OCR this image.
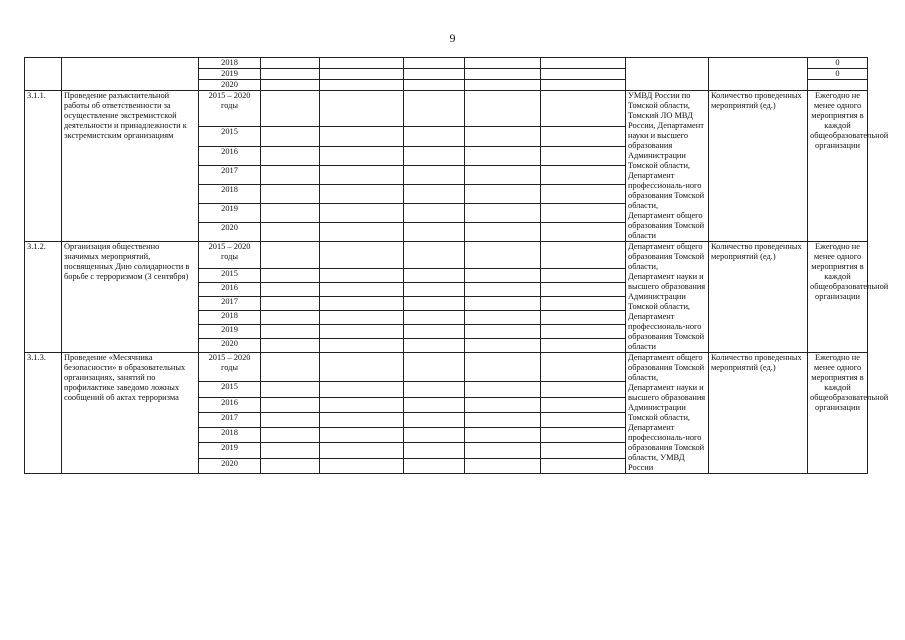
9
		2018								0
		2019								0
		2020								
3.1.1.	Проведение разъяснительной работы об ответственности за осуществление экстремистской деятельности и принадлежности к экстремистским организациям	2015 – 2020 годы						УМВД России по Томской области, Томский ЛО МВД России, Департамент науки и высшего образования Администрации Томской области, Департамент профессиональ-ного образования Томской области, Департамент общего образования Томской области	Количество проведенных мероприятий (ед.)	Ежегодно не менее одного мероприятия в каждой общеобразовательной организации
		2015								
		2016								
		2017								
		2018								
		2019								
		2020								
3.1.2.	Организация общественно значимых мероприятий, посвященных Дню солидарности в борьбе с терроризмом (3 сентября)	2015 – 2020 годы						Департамент общего образования Томской области, Департамент науки и высшего образования Администрации Томской области, Департамент профессиональ-ного образования Томской области	Количество проведенных мероприятий (ед.)	Ежегодно не менее одного мероприятия в каждой общеобразовательной организации
		2015								
		2016								
		2017								
		2018								
		2019								
		2020								
3.1.3.	Проведение «Месячника безопасности» в образовательных организациях, занятий по профилактике заведомо ложных сообщений об актах терроризма	2015 – 2020 годы						Департамент общего образования Томской области, Департамент науки и высшего образования Администрации Томской области, Департамент профессиональ-ного образования Томской области, УМВД России	Количество проведенных мероприятий (ед.)	Ежегодно не менее одного мероприятия в каждой общеобразовательной организации
		2015								
		2016								
		2017								
		2018								
		2019								
		2020								
